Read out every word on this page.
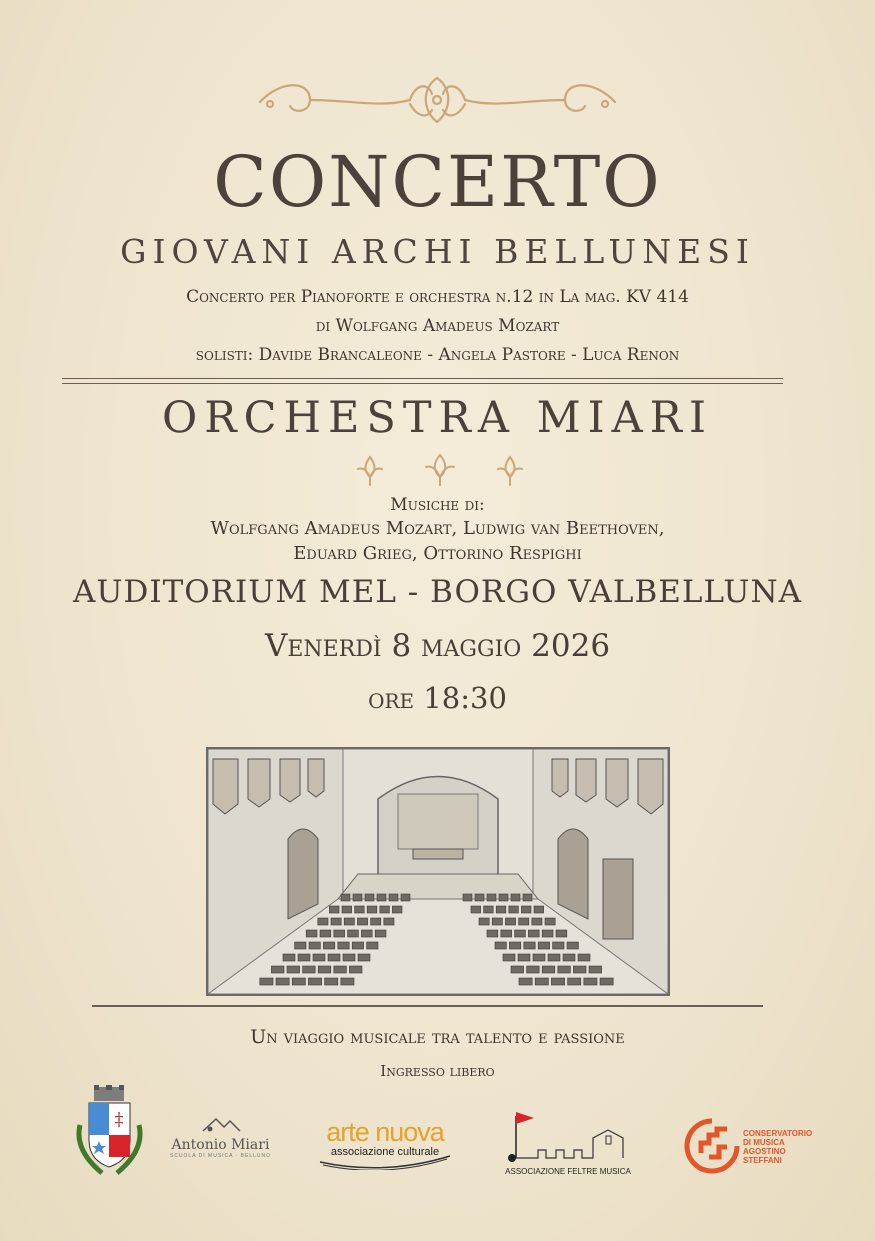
CONCERTO
GIOVANI ARCHI BELLUNESI
Concerto per Pianoforte e orchestra n.12 in La mag. KV 414
di Wolfgang Amadeus Mozart
solisti: Davide Brancaleone - Angela Pastore - Luca Renon
ORCHESTRA MIARI
Musiche di:
Wolfgang Amadeus Mozart, Ludwig van Beethoven,
Eduard Grieg, Ottorino Respighi
AUDITORIUM MEL - BORGO VALBELLUNA
Venerdì 8 maggio 2026
ore 18:30
Un viaggio musicale tra talento e passione
Ingresso libero
‡
Antonio Miari
SCUOLA DI MUSICA · BELLUNO
arte nuova
associazione culturale
ASSOCIAZIONE FELTRE MUSICA
CONSERVATORIO
DI MUSICA
AGOSTINO STEFFANI
